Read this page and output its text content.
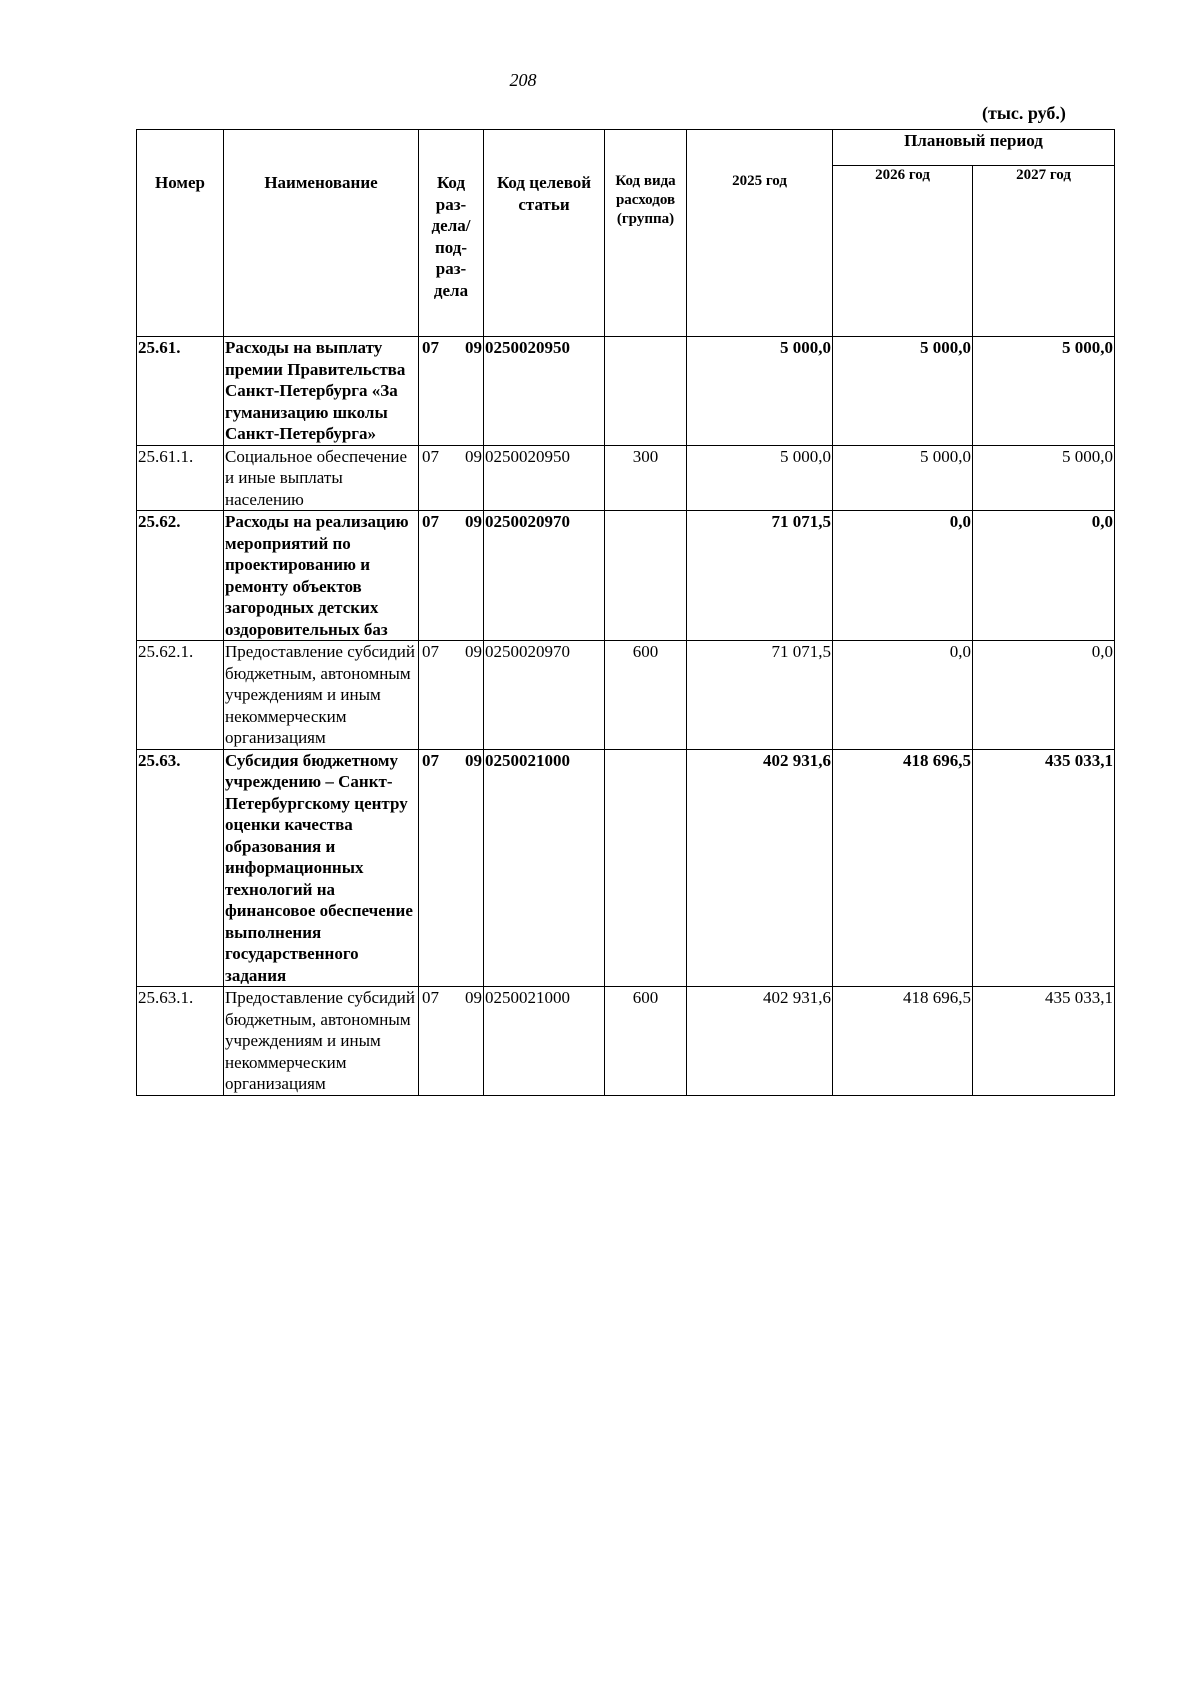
208
(тыс. руб.)
Номер	Наименование	Код раз-дела/ под-раз-дела	Код целевой статьи	Код вида расходов (группа)	2025 год	Плановый период	
						2026 год	2027 год
25.61.	Расходы на выплату премии Правительства Санкт-Петербурга «За гуманизацию школы Санкт-Петербурга»	07 09	0250020950		5 000,0	5 000,0	5 000,0
25.61.1.	Социальное обеспечение и иные выплаты населению	07 09	0250020950	300	5 000,0	5 000,0	5 000,0
25.62.	Расходы на реализацию мероприятий по проектированию и ремонту объектов загородных детских оздоровительных баз	07 09	0250020970		71 071,5	0,0	0,0
25.62.1.	Предоставление субсидий бюджетным, автономным учреждениям и иным некоммерческим организациям	07 09	0250020970	600	71 071,5	0,0	0,0
25.63.	Субсидия бюджетному учреждению – Санкт-Петербургскому центру оценки качества образования и информационных технологий на финансовое обеспечение выполнения государственного задания	07 09	0250021000		402 931,6	418 696,5	435 033,1
25.63.1.	Предоставление субсидий бюджетным, автономным учреждениям и иным некоммерческим организациям	07 09	0250021000	600	402 931,6	418 696,5	435 033,1
